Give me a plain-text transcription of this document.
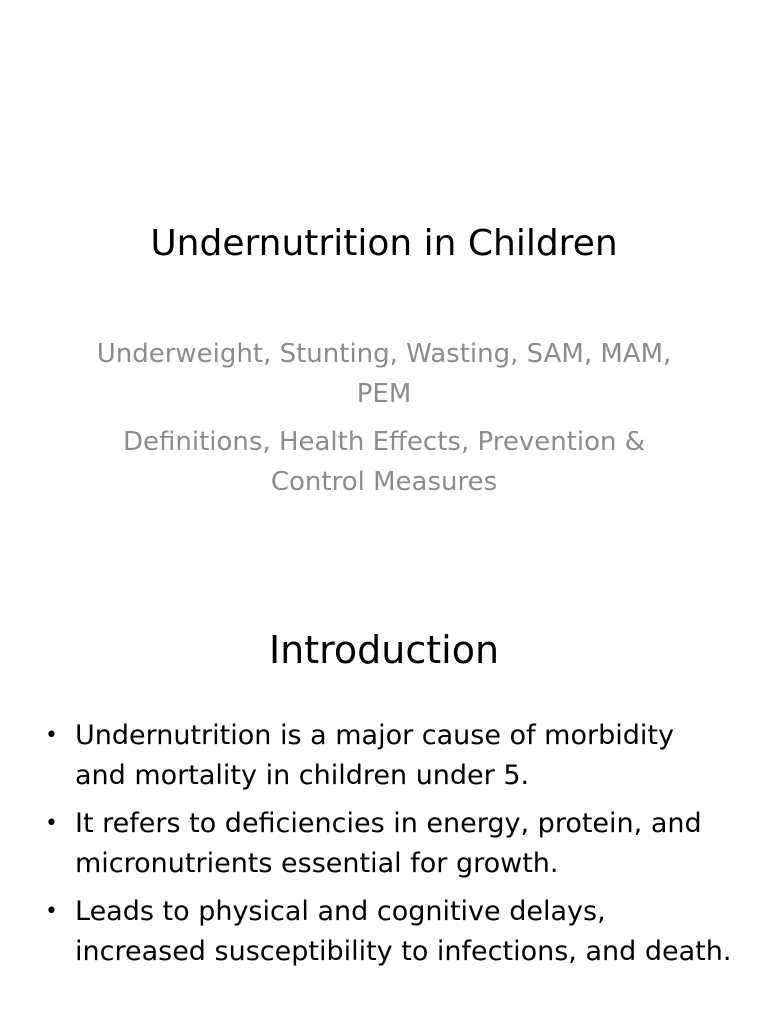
Undernutrition in Children

Underweight, Stunting, Wasting, SAM, MAM, PEM

Definitions, Health Effects, Prevention & Control Measures

Introduction
• Undernutrition is a major cause of morbidity and mortality in children under 5.
• It refers to deficiencies in energy, protein, and micronutrients essential for growth.
• Leads to physical and cognitive delays, increased susceptibility to infections, and death.
